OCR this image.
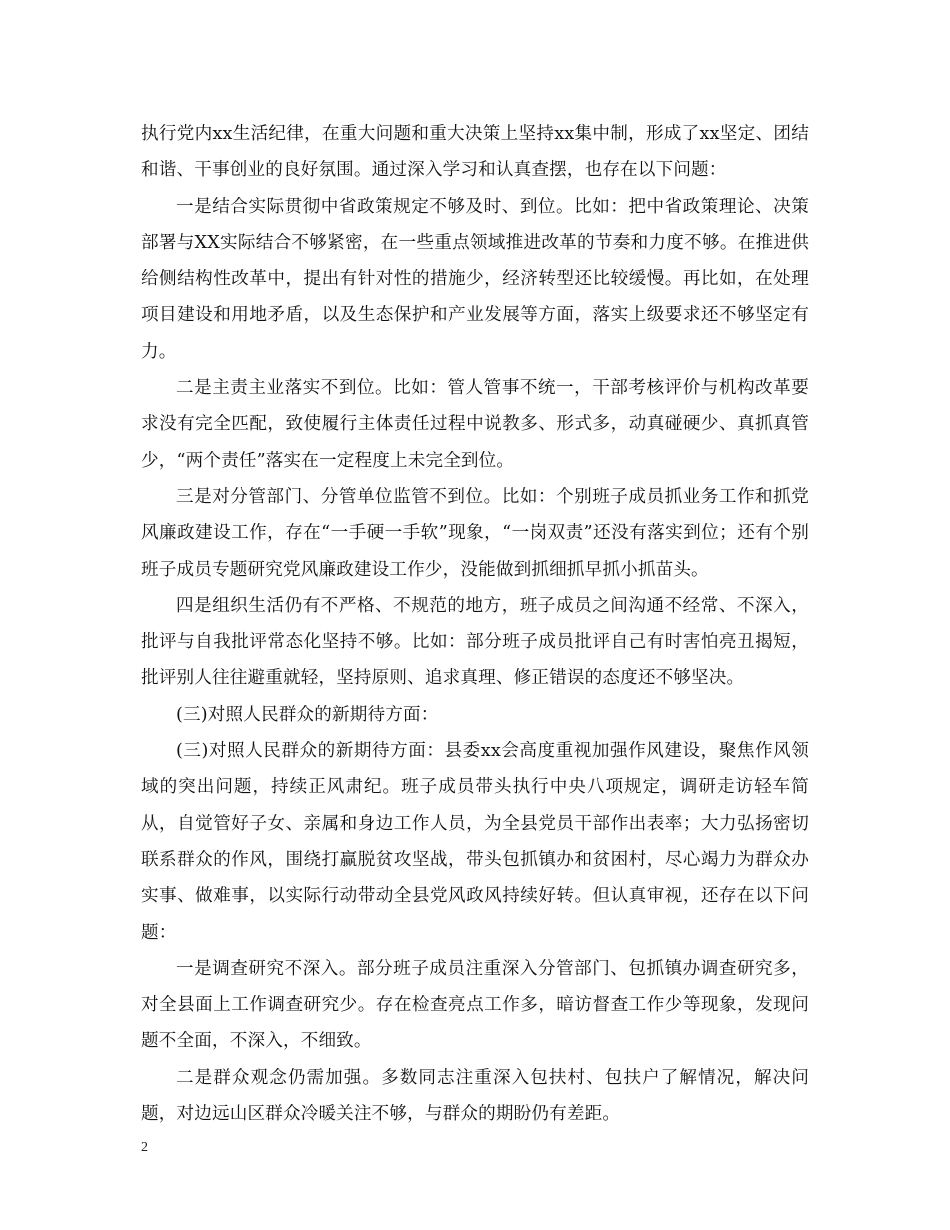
执行党内xx生活纪律，在重大问题和重大决策上坚持xx集中制，形成了xx坚定、团结和谐、干事创业的良好氛围。通过深入学习和认真查摆，也存在以下问题：

一是结合实际贯彻中省政策规定不够及时、到位。比如：把中省政策理论、决策部署与XX实际结合不够紧密，在一些重点领域推进改革的节奏和力度不够。在推进供给侧结构性改革中，提出有针对性的措施少，经济转型还比较缓慢。再比如，在处理项目建设和用地矛盾，以及生态保护和产业发展等方面，落实上级要求还不够坚定有力。

二是主责主业落实不到位。比如：管人管事不统一，干部考核评价与机构改革要求没有完全匹配，致使履行主体责任过程中说教多、形式多，动真碰硬少、真抓真管少，“两个责任”落实在一定程度上未完全到位。

三是对分管部门、分管单位监管不到位。比如：个别班子成员抓业务工作和抓党风廉政建设工作，存在“一手硬一手软”现象，“一岗双责”还没有落实到位；还有个别班子成员专题研究党风廉政建设工作少，没能做到抓细抓早抓小抓苗头。

四是组织生活仍有不严格、不规范的地方，班子成员之间沟通不经常、不深入，批评与自我批评常态化坚持不够。比如：部分班子成员批评自己有时害怕亮丑揭短，批评别人往往避重就轻，坚持原则、追求真理、修正错误的态度还不够坚决。

(三)对照人民群众的新期待方面：

(三)对照人民群众的新期待方面：县委xx会高度重视加强作风建设，聚焦作风领域的突出问题，持续正风肃纪。班子成员带头执行中央八项规定，调研走访轻车简从，自觉管好子女、亲属和身边工作人员，为全县党员干部作出表率；大力弘扬密切联系群众的作风，围绕打赢脱贫攻坚战，带头包抓镇办和贫困村，尽心竭力为群众办实事、做难事，以实际行动带动全县党风政风持续好转。但认真审视，还存在以下问题：

一是调查研究不深入。部分班子成员注重深入分管部门、包抓镇办调查研究多，对全县面上工作调查研究少。存在检查亮点工作多，暗访督查工作少等现象，发现问题不全面，不深入，不细致。

二是群众观念仍需加强。多数同志注重深入包扶村、包扶户了解情况，解决问题，对边远山区群众冷暖关注不够，与群众的期盼仍有差距。

2
